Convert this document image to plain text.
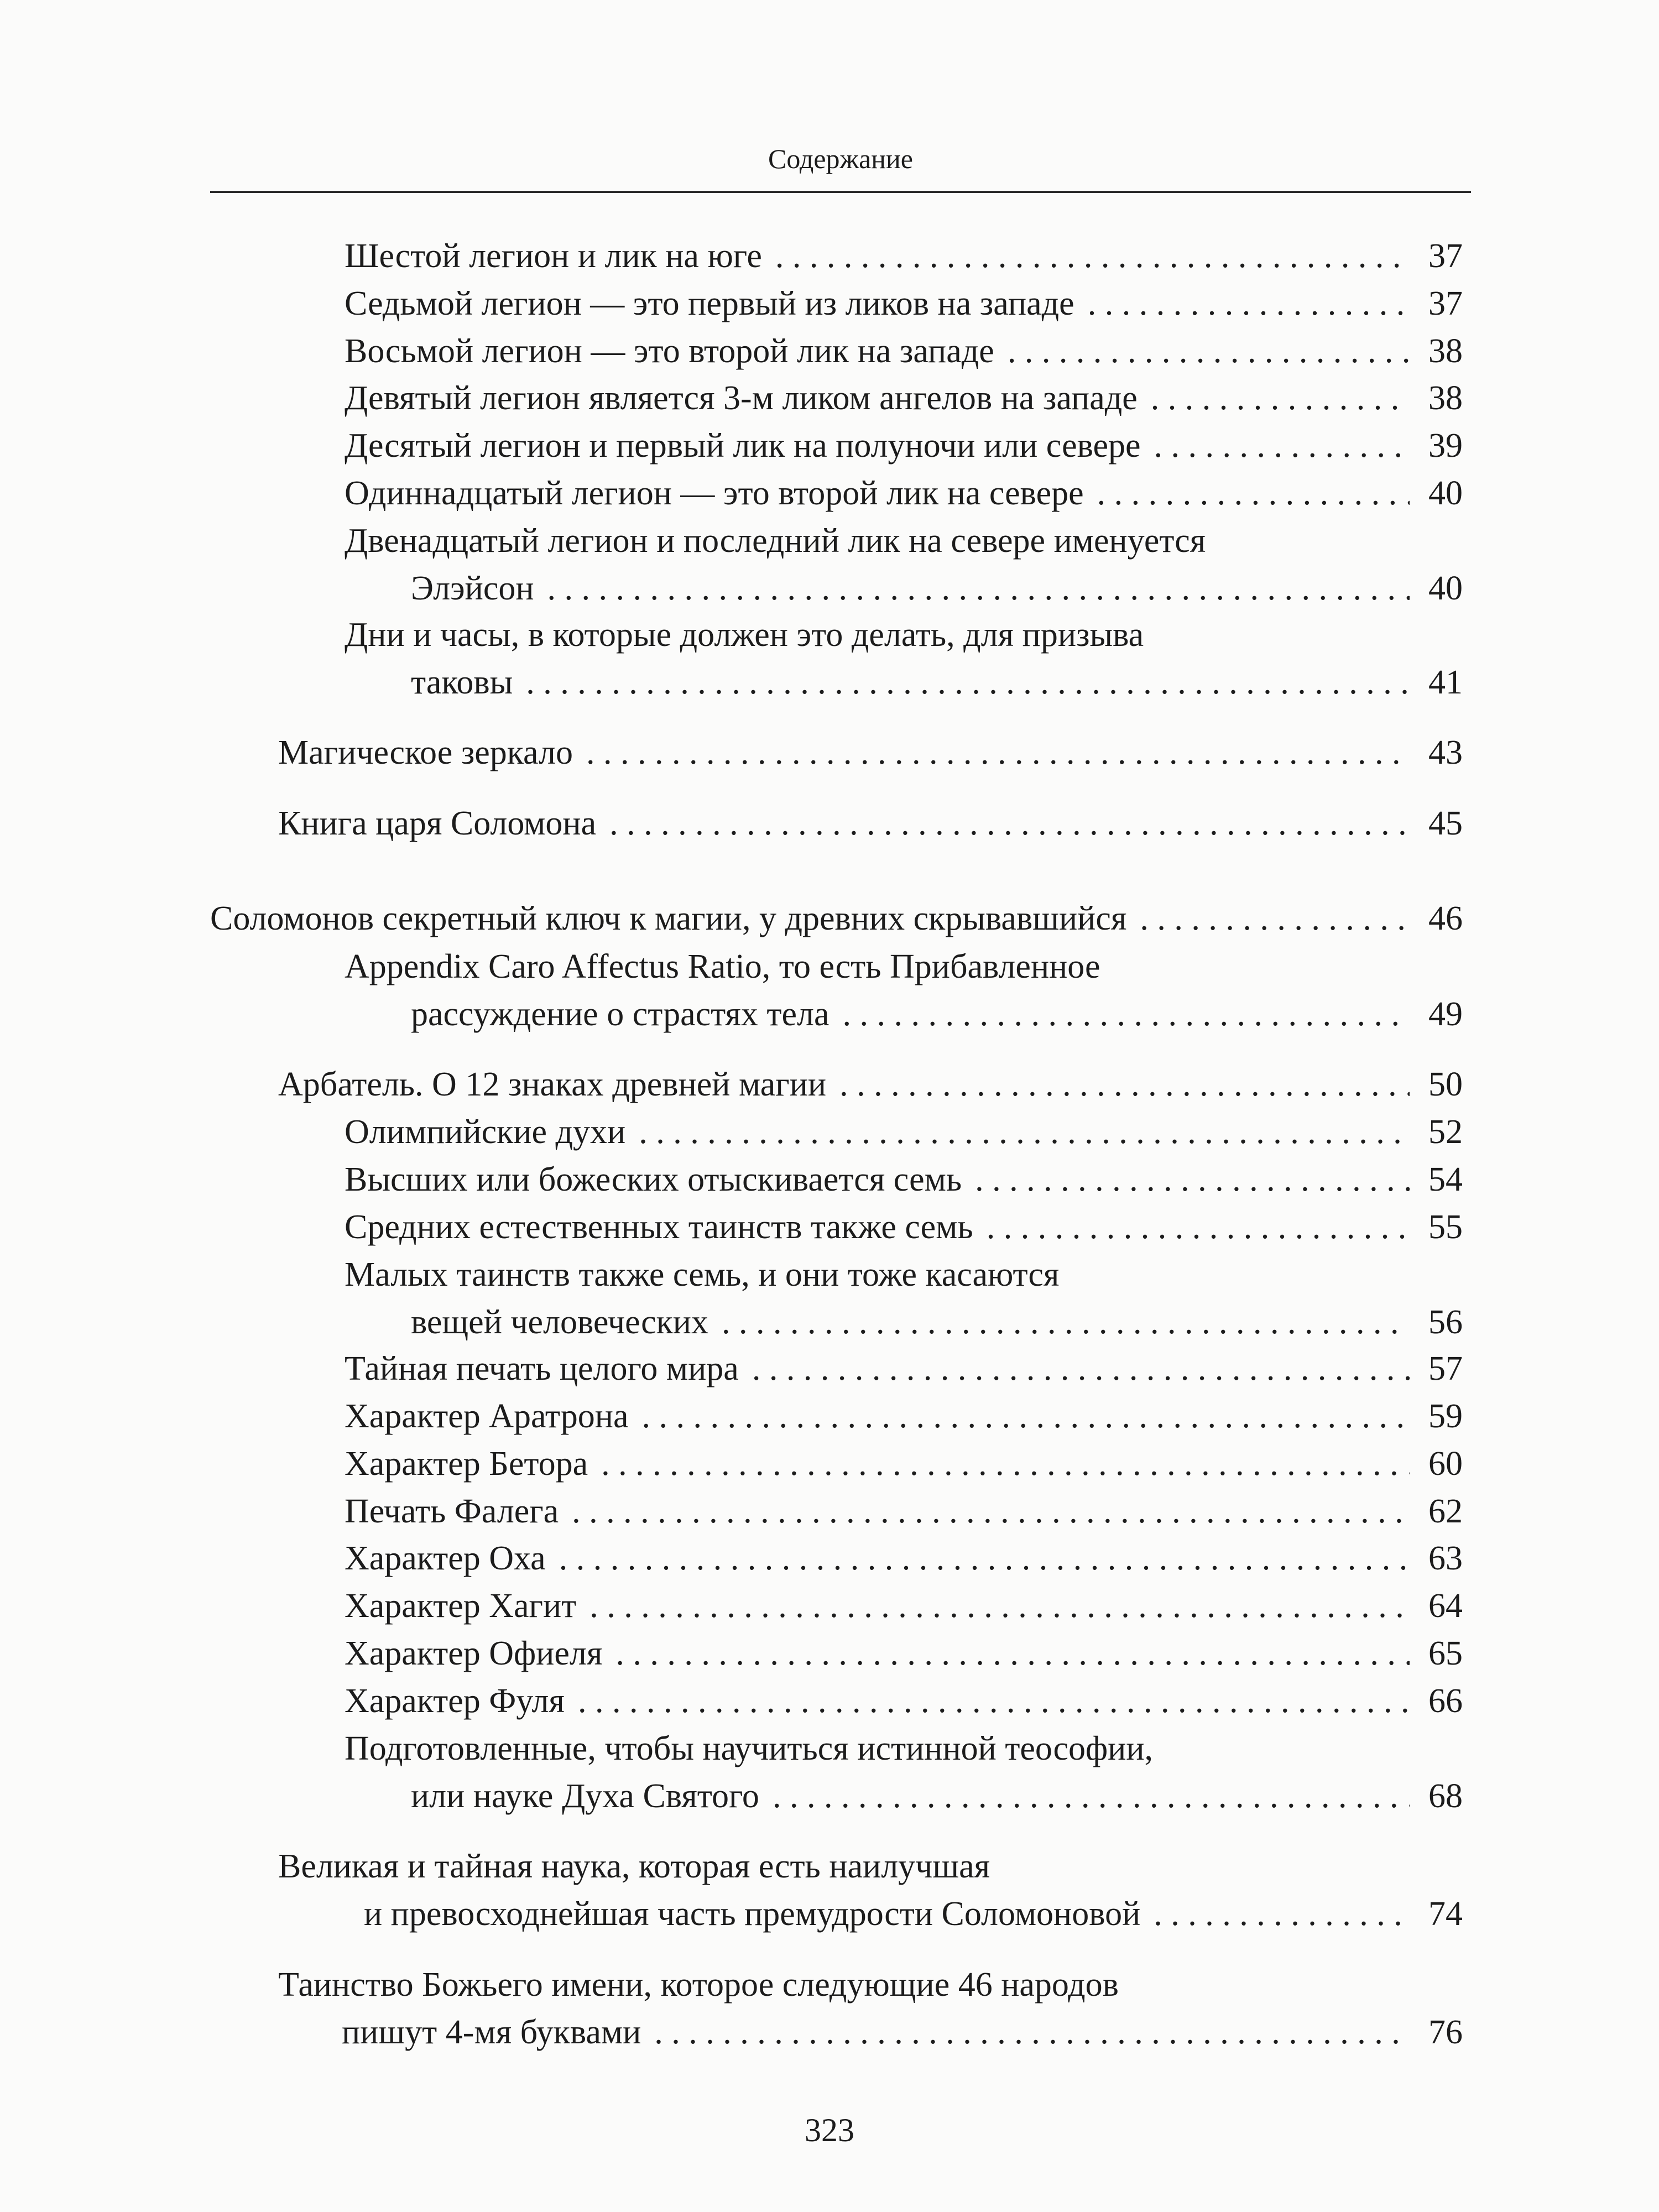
Содержание
Шестой легион и лик на юге . . .	37
Седьмой легион — это первый из ликов на западе . . .	37
Восьмой легион — это второй лик на западе . . .	38
Девятый легион является 3-м ликом ангелов на западе . . .	38
Десятый легион и первый лик на полуночи или севере . . .	39
Одиннадцатый легион — это второй лик на севере . . .	40
Двенадцатый легион и последний лик на севере именуется
Элэйсон . . .	40
Дни и часы, в которые должен это делать, для призыва
таковы . . .	41
Магическое зеркало . . .	43
Книга царя Соломона . . .	45
Соломонов секретный ключ к магии, у древних скрывавшийся . . .	46
Appendix Caro Affectus Ratio, то есть Прибавленное
рассуждение о страстях тела . . .	49
Арбатель. О 12 знаках древней магии . . .	50
Олимпийские духи . . .	52
Высших или божеских отыскивается семь . . .	54
Средних естественных таинств также семь . . .	55
Малых таинств также семь, и они тоже касаются
вещей человеческих . . .	56
Тайная печать целого мира . . .	57
Характер Аратрона . . .	59
Характер Бетора . . .	60
Печать Фалега . . .	62
Характер Оха . . .	63
Характер Хагит . . .	64
Характер Офиеля . . .	65
Характер Фуля . . .	66
Подготовленные, чтобы научиться истинной теософии,
или науке Духа Святого . . .	68
Великая и тайная наука, которая есть наилучшая
и превосходнейшая часть премудрости Соломоновой . . .	74
Таинство Божьего имени, которое следующие 46 народов
пишут 4-мя буквами . . .	76
323
